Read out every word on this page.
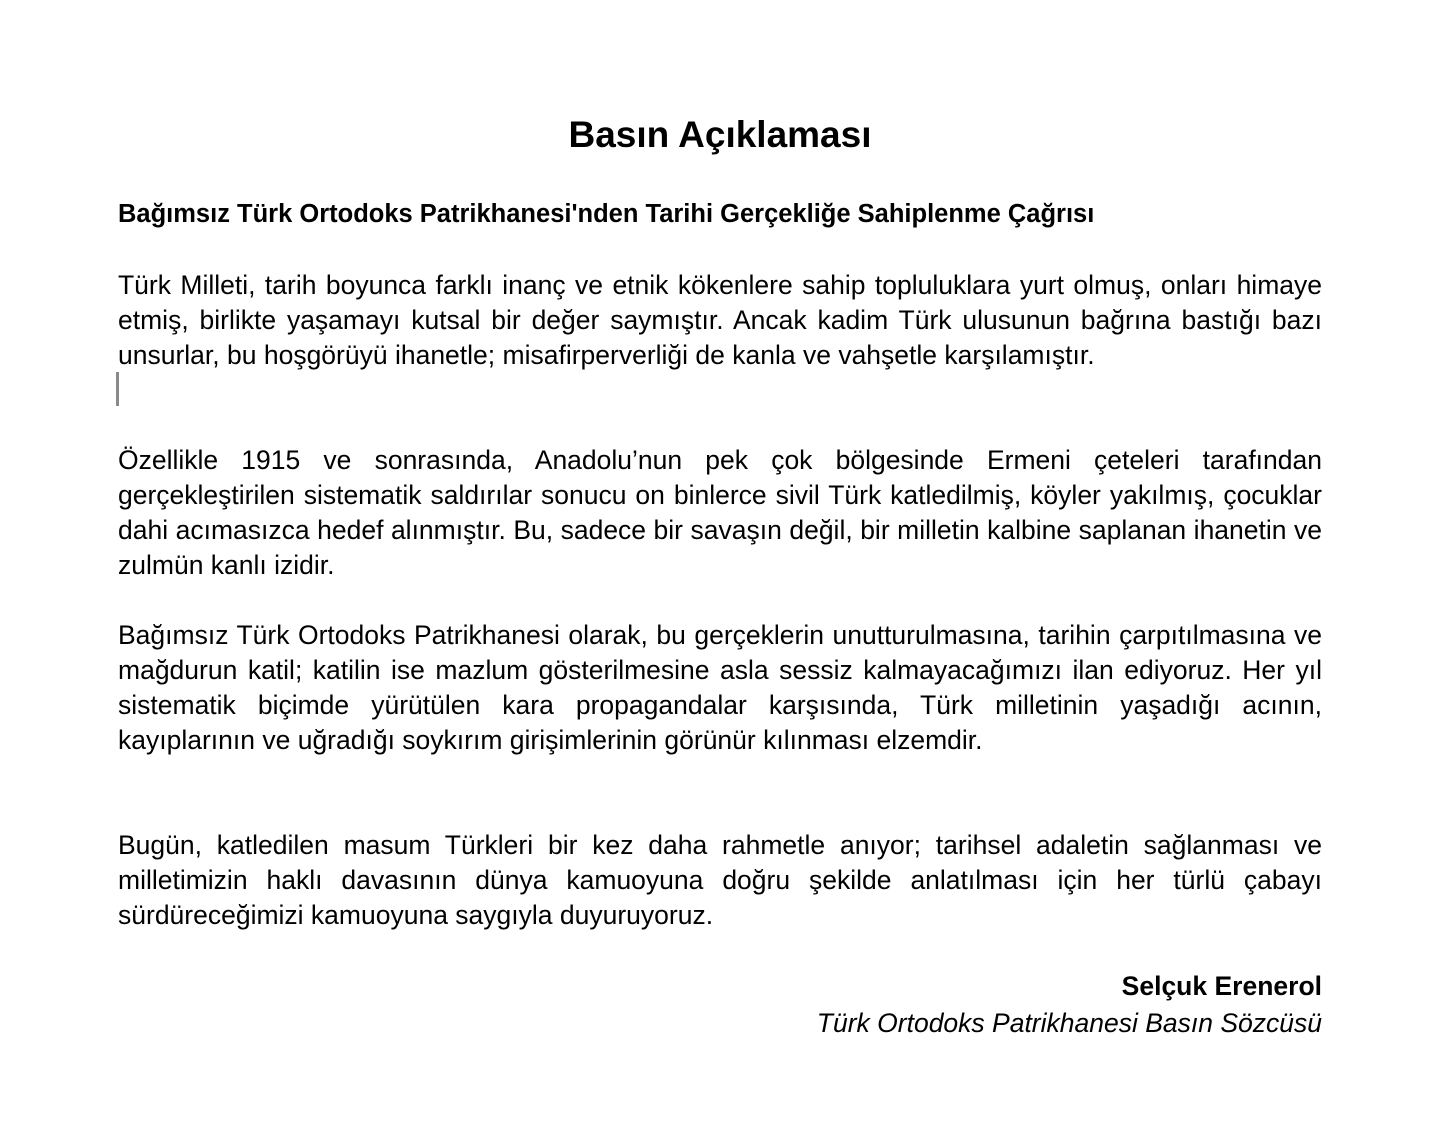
Basın Açıklaması
Bağımsız Türk Ortodoks Patrikhanesi'nden Tarihi Gerçekliğe Sahiplenme Çağrısı

Türk Milleti, tarih boyunca farklı inanç ve etnik kökenlere sahip topluluklara yurt olmuş, onları himaye etmiş, birlikte yaşamayı kutsal bir değer saymıştır. Ancak kadim Türk ulusunun bağrına bastığı bazı unsurlar, bu hoşgörüyü ihanetle; misafirperverliği de kanla ve vahşetle karşılamıştır.

Özellikle 1915 ve sonrasında, Anadolu’nun pek çok bölgesinde Ermeni çeteleri tarafından gerçekleştirilen sistematik saldırılar sonucu on binlerce sivil Türk katledilmiş, köyler yakılmış, çocuklar dahi acımasızca hedef alınmıştır. Bu, sadece bir savaşın değil, bir milletin kalbine saplanan ihanetin ve zulmün kanlı izidir.

Bağımsız Türk Ortodoks Patrikhanesi olarak, bu gerçeklerin unutturulmasına, tarihin çarpıtılmasına ve mağdurun katil; katilin ise mazlum gösterilmesine asla sessiz kalmayacağımızı ilan ediyoruz. Her yıl sistematik biçimde yürütülen kara propagandalar karşısında, Türk milletinin yaşadığı acının, kayıplarının ve uğradığı soykırım girişimlerinin görünür kılınması elzemdir.

Bugün, katledilen masum Türkleri bir kez daha rahmetle anıyor; tarihsel adaletin sağlanması ve milletimizin haklı davasının dünya kamuoyuna doğru şekilde anlatılması için her türlü çabayı sürdüreceğimizi kamuoyuna saygıyla duyuruyoruz.

Selçuk Erenerol

Türk Ortodoks Patrikhanesi Basın Sözcüsü
